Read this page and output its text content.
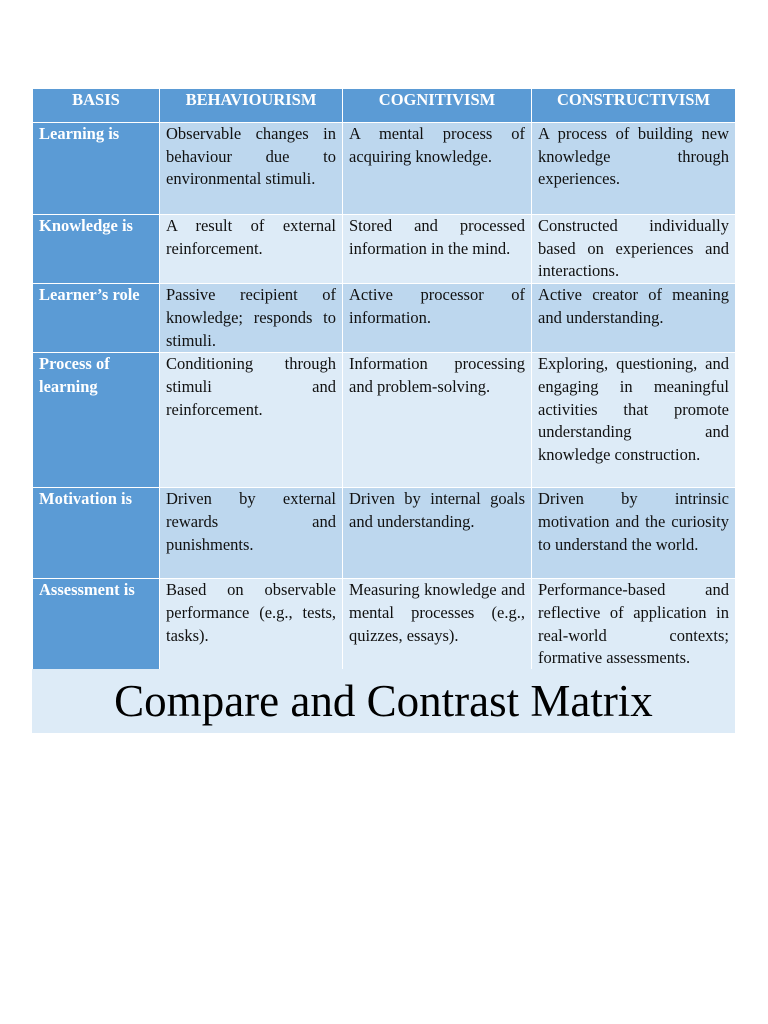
BASIS	BEHAVIOURISM	COGNITIVISM	CONSTRUCTIVISM
Learning is	Observable changes in behaviour due to environmental stimuli.	A mental process of acquiring knowledge.	A process of building new knowledge through experiences.
Knowledge is	A result of external reinforcement.	Stored and processed information in the mind.	Constructed individually based on experiences and interactions.
Learner’s role	Passive recipient of knowledge; responds to stimuli.	Active processor of information.	Active creator of meaning and understanding.
Process of learning	Conditioning through stimuli and reinforcement.	Information processing and problem-solving.	Exploring, questioning, and engaging in meaningful activities that promote understanding and knowledge construction.
Motivation is	Driven by external rewards and punishments.	Driven by internal goals and understanding.	Driven by intrinsic motivation and the curiosity to understand the world.
Assessment is	Based on observable performance (e.g., tests, tasks).	Measuring knowledge and mental processes (e.g., quizzes, essays).	Performance-based and reflective of application in real-world contexts; formative assessments.
Compare and Contrast Matrix
